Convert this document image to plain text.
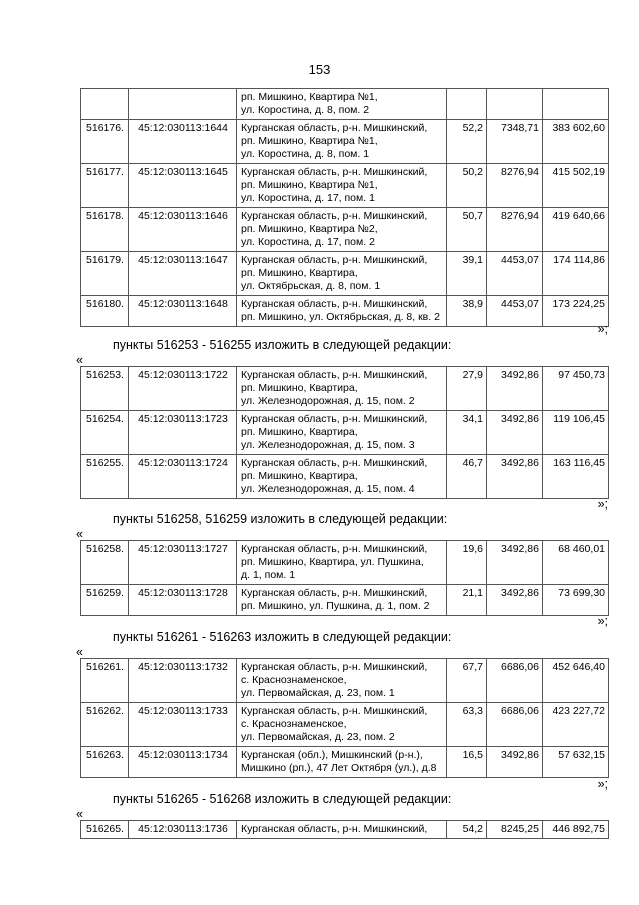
153

		рп. Мишкино, Квартира №1,
ул. Коростина, д. 8, пом. 2			

516176.	45:12:030113:1644	Курганская область, р-н. Мишкинский,
рп. Мишкино, Квартира №1,
ул. Коростина, д. 8, пом. 1	52,2	7348,71	383 602,60
516177.	45:12:030113:1645	Курганская область, р-н. Мишкинский,
рп. Мишкино, Квартира №1,
ул. Коростина, д. 17, пом. 1	50,2	8276,94	415 502,19
516178.	45:12:030113:1646	Курганская область, р-н. Мишкинский,
рп. Мишкино, Квартира №2,
ул. Коростина, д. 17, пом. 2	50,7	8276,94	419 640,66
516179.	45:12:030113:1647	Курганская область, р-н. Мишкинский,
рп. Мишкино, Квартира,
ул. Октябрьская, д. 8, пом. 1	39,1	4453,07	174 114,86
516180.	45:12:030113:1648	Курганская область, р-н. Мишкинский,
рп. Мишкино, ул. Октябрьская, д. 8, кв. 2	38,9	4453,07	173 224,25
»;
пункты 516253 - 516255 изложить в следующей редакции:
«
516253.	45:12:030113:1722	Курганская область, р-н. Мишкинский,
рп. Мишкино, Квартира,
ул. Железнодорожная, д. 15, пом. 2	27,9	3492,86	97 450,73
516254.	45:12:030113:1723	Курганская область, р-н. Мишкинский,
рп. Мишкино, Квартира,
ул. Железнодорожная, д. 15, пом. 3	34,1	3492,86	119 106,45
516255.	45:12:030113:1724	Курганская область, р-н. Мишкинский,
рп. Мишкино, Квартира,
ул. Железнодорожная, д. 15, пом. 4	46,7	3492,86	163 116,45
»;
пункты 516258, 516259 изложить в следующей редакции:
«
516258.	45:12:030113:1727	Курганская область, р-н. Мишкинский,
рп. Мишкино, Квартира, ул. Пушкина,
д. 1, пом. 1	19,6	3492,86	68 460,01
516259.	45:12:030113:1728	Курганская область, р-н. Мишкинский,
рп. Мишкино, ул. Пушкина, д. 1, пом. 2	21,1	3492,86	73 699,30
»;
пункты 516261 - 516263 изложить в следующей редакции:
«
516261.	45:12:030113:1732	Курганская область, р-н. Мишкинский,
с. Краснознаменское,
ул. Первомайская, д. 23, пом. 1	67,7	6686,06	452 646,40
516262.	45:12:030113:1733	Курганская область, р-н. Мишкинский,
с. Краснознаменское,
ул. Первомайская, д. 23, пом. 2	63,3	6686,06	423 227,72
516263.	45:12:030113:1734	Курганская (обл.), Мишкинский (р-н.),
Мишкино (рп.), 47 Лет Октября (ул.), д.8	16,5	3492,86	57 632,15
»;
пункты 516265 - 516268 изложить в следующей редакции:
«
516265.	45:12:030113:1736	Курганская область, р-н. Мишкинский,	54,2	8245,25	446 892,75
